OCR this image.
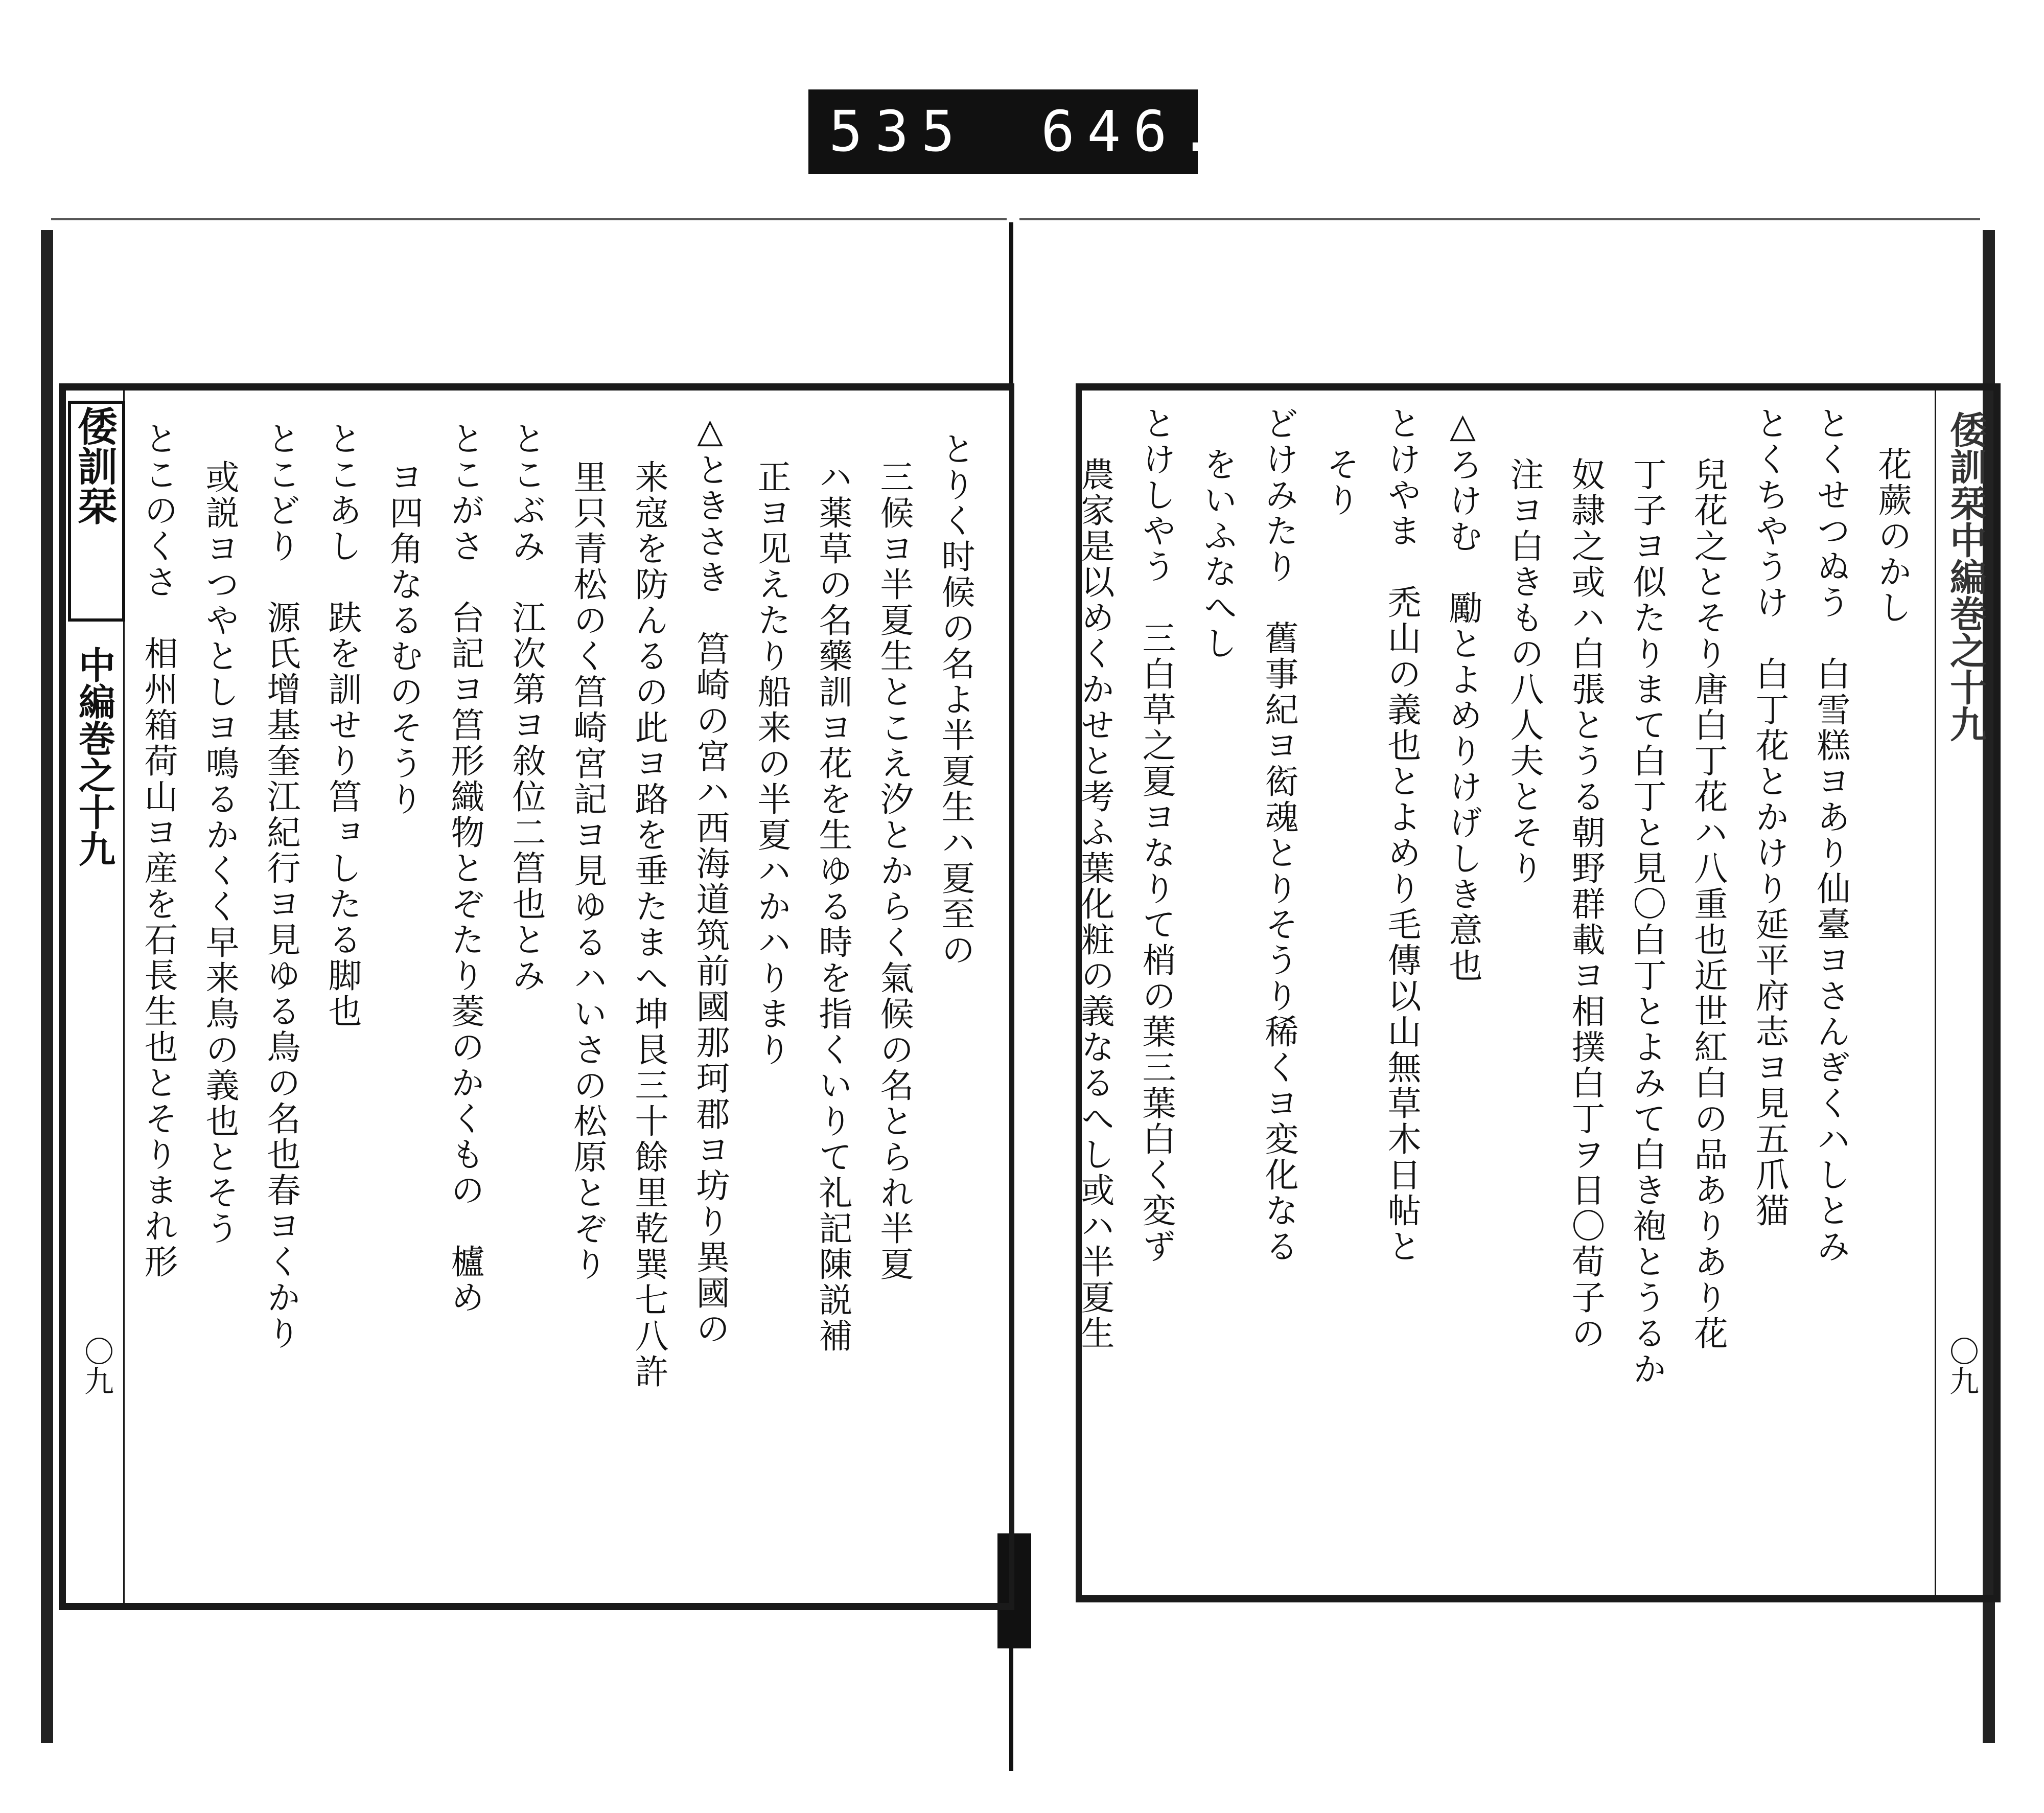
535 646.
倭訓栞
中編巻之十九
〇九
とりく时候の名よ半夏生ハ夏至の
三候ヨ半夏生とこえ汐とからく氣候の名とられ半夏
ハ薬草の名藥訓ヨ花を生ゆる時を指くいりて礼記陳説補
正ヨ见えたり船来の半夏ハかハりまり
△ときさき　筥崎の宮ハ西海道筑前國那珂郡ヨ坊り異國の
来寇を防んるの此ヨ路を垂たまへ坤艮三十餘里乾巽七八許
里只青松のく筥崎宮記ヨ見ゆるハいさの松原とぞり
とこぶみ　江次第ヨ敘位二筥也とみ
とこがさ　台記ヨ筥形織物とぞたり菱のかくもの　櫨め
ヨ四角なるむのそうり
とこあし　趺を訓せり筥ョしたる脚也
とこどり　源氏增基奎江紀行ヨ見ゆる鳥の名也春ヨくかり
或説ヨつやとしヨ鳴るかくく早来鳥の義也とそう
とこのくさ　相州箱荷山ヨ産を石長生也とそりまれ形	倭訓栞中編巻之十九
〇九
花蕨のかし
とくせつぬう　白雪糕ヨあり仙臺ヨさんぎくハしとみ
とくちやうけ　白丁花とかけり延平府志ヨ見五爪猫
兒花之とそり唐白丁花ハ八重也近世紅白の品ありあり花
丁子ヨ似たりまて白丁と見〇白丁とよみて白き袍とうるか
奴隷之或ハ白張とうる朝野群載ヨ相撲白丁ヲ日〇荀子の
注ヨ白きもの八人夫とそり
△ろけむ　勵とよめりけげしき意也
とけやま　禿山の義也とよめり毛傳以山無草木日帖と
そり
どけみたり　舊事紀ヨ衒魂とりそうり稀くヨ変化なる
をいふなへし
とけしやう　三白草之夏ヨなりて梢の葉三葉白く変ず
農家是以めくかせと考ふ葉化粧の義なるへし或ハ半夏生
